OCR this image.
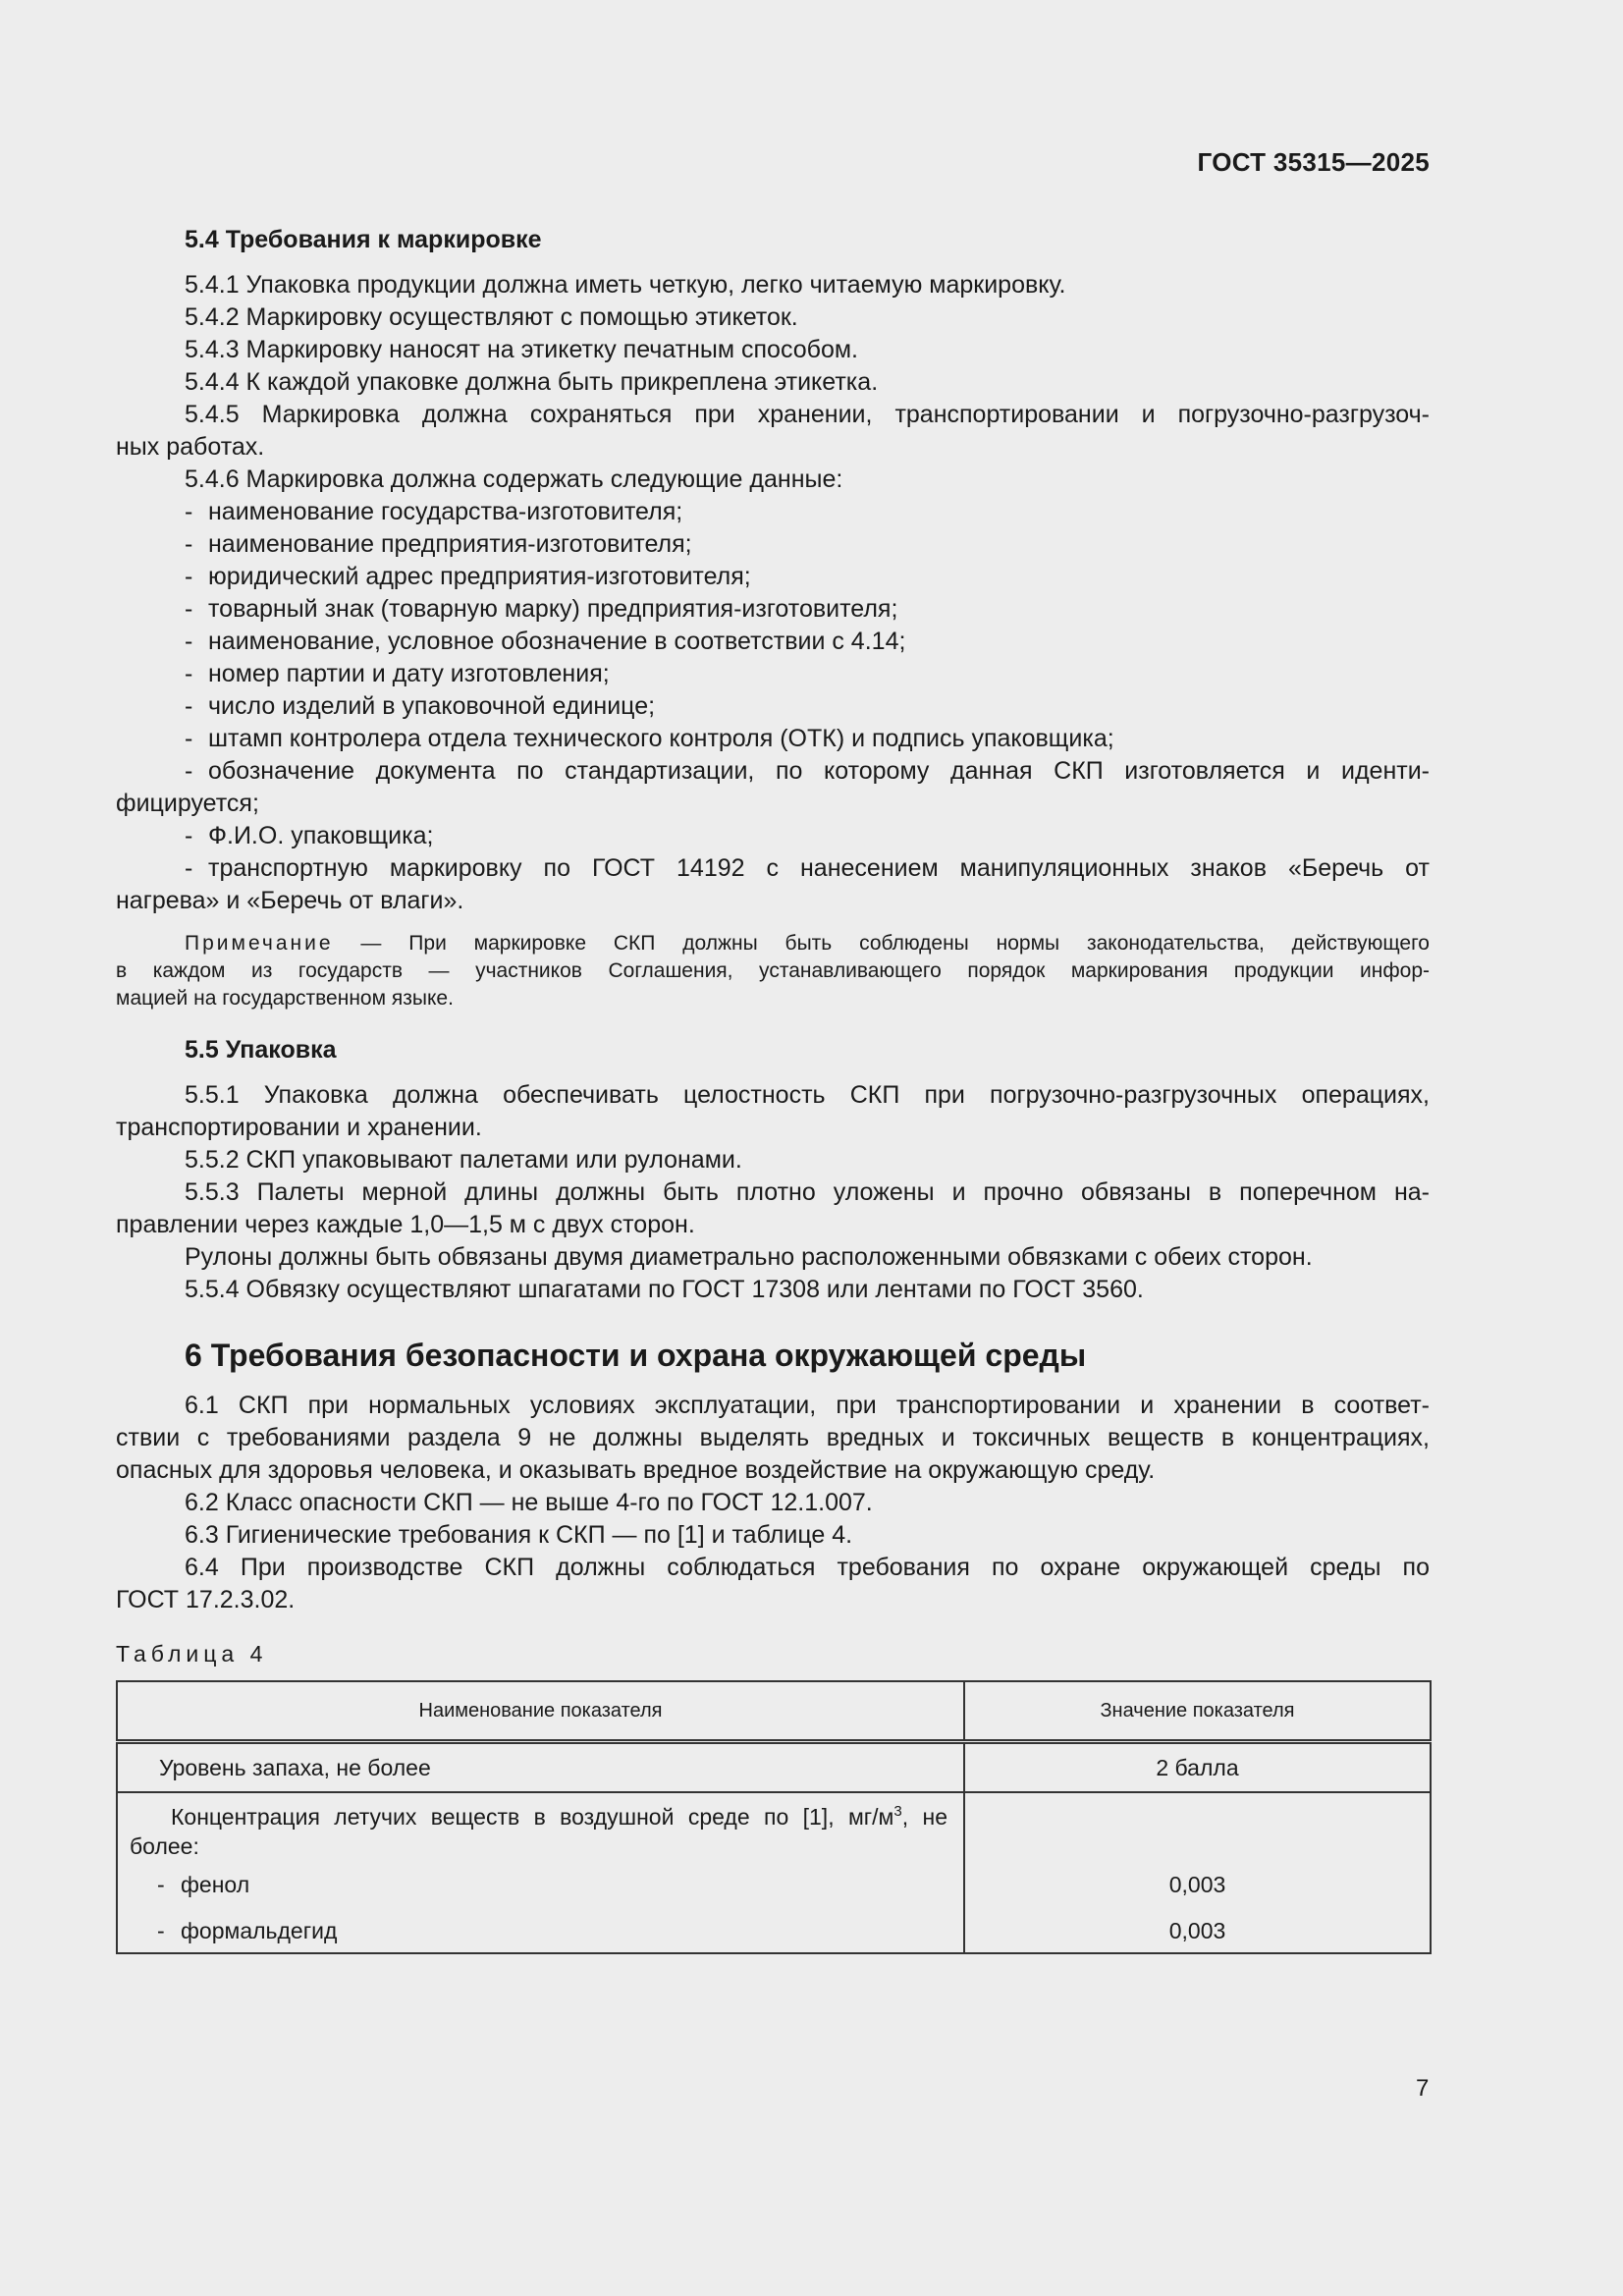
ГОСТ 35315—2025
5.4 Требования к маркировке
5.4.1 Упаковка продукции должна иметь четкую, легко читаемую маркировку.
5.4.2 Маркировку осуществляют с помощью этикеток.
5.4.3 Маркировку наносят на этикетку печатным способом.
5.4.4 К каждой упаковке должна быть прикреплена этикетка.
5.4.5 Маркировка должна сохраняться при хранении, транспортировании и погрузочно-разгрузоч-
ных работах.
5.4.6 Маркировка должна содержать следующие данные:
- наименование государства-изготовителя;
- наименование предприятия-изготовителя;
- юридический адрес предприятия-изготовителя;
- товарный знак (товарную марку) предприятия-изготовителя;
- наименование, условное обозначение в соответствии с 4.14;
- номер партии и дату изготовления;
- число изделий в упаковочной единице;
- штамп контролера отдела технического контроля (ОТК) и подпись упаковщика;
- обозначение документа по стандартизации, по которому данная СКП изготовляется и иденти-
фицируется;
- Ф.И.О. упаковщика;
- транспортную маркировку по ГОСТ 14192 с нанесением манипуляционных знаков «Беречь от
нагрева» и «Беречь от влаги».
Примечание — При маркировке СКП должны быть соблюдены нормы законодательства, действующего
в каждом из государств — участников Соглашения, устанавливающего порядок маркирования продукции инфор-
мацией на государственном языке.
5.5 Упаковка
5.5.1 Упаковка должна обеспечивать целостность СКП при погрузочно-разгрузочных операциях,
транспортировании и хранении.
5.5.2 СКП упаковывают палетами или рулонами.
5.5.3 Палеты мерной длины должны быть плотно уложены и прочно обвязаны в поперечном на-
правлении через каждые 1,0—1,5 м с двух сторон.
Рулоны должны быть обвязаны двумя диаметрально расположенными обвязками с обеих сторон.
5.5.4 Обвязку осуществляют шпагатами по ГОСТ 17308 или лентами по ГОСТ 3560.
6 Требования безопасности и охрана окружающей среды
6.1 СКП при нормальных условиях эксплуатации, при транспортировании и хранении в соответ-
ствии с требованиями раздела 9 не должны выделять вредных и токсичных веществ в концентрациях,
опасных для здоровья человека, и оказывать вредное воздействие на окружающую среду.
6.2 Класс опасности СКП — не выше 4-го по ГОСТ 12.1.007.
6.3 Гигиенические требования к СКП — по [1] и таблице 4.
6.4 При производстве СКП должны соблюдаться требования по охране окружающей среды по
ГОСТ 17.2.3.02.
Таблица 4
Наименование показателя	Значение показателя
Уровень запаха, не более	2 балла

Концентрация летучих веществ в воздушной среде по [1], $мг/м^3$, не
более:	

- фенол	0,003
- формальдегид	0,003
7
